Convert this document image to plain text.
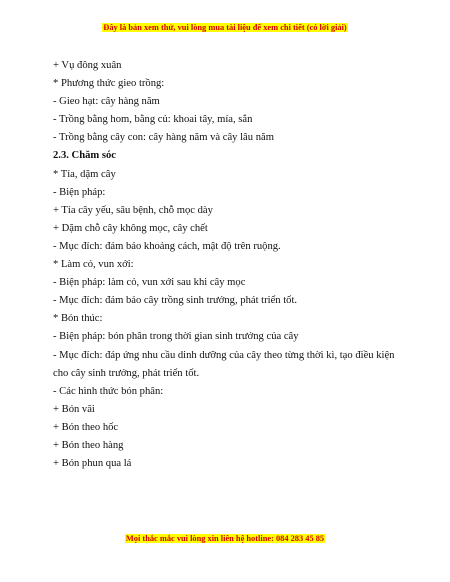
Đây là bản xem thử, vui lòng mua tài liệu để xem chi tiết (có lời giải)
+ Vụ đông xuân
* Phương thức gieo trồng:
- Gieo hạt: cây hàng năm
- Trồng bằng hom, bằng củ: khoai tây, mía, sắn
- Trồng bằng cây con: cây hàng năm và cây lâu năm
2.3. Chăm sóc
* Tỉa, dặm cây
- Biện pháp:
+ Tỉa cây yếu, sâu bệnh, chỗ mọc dày
+ Dặm chỗ cây không mọc, cây chết
- Mục đích: đảm bảo khoảng cách, mật độ trên ruộng.
* Làm cỏ, vun xới:
- Biện pháp: làm cỏ, vun xới sau khi cây mọc
- Mục đích: đảm bảo cây trồng sinh trưởng, phát triển tốt.
* Bón thúc:
- Biện pháp: bón phân trong thời gian sinh trưởng của cây
- Mục đích: đáp ứng nhu cầu dinh dưỡng của cây theo từng thời kì, tạo điều kiện cho cây sinh trưởng, phát triển tốt.
- Các hình thức bón phân:
+ Bón vãi
+ Bón theo hốc
+ Bón theo hàng
+ Bón phun qua lá
Mọi thắc mắc vui lòng xin liên hệ hotline: 084 283 45 85
